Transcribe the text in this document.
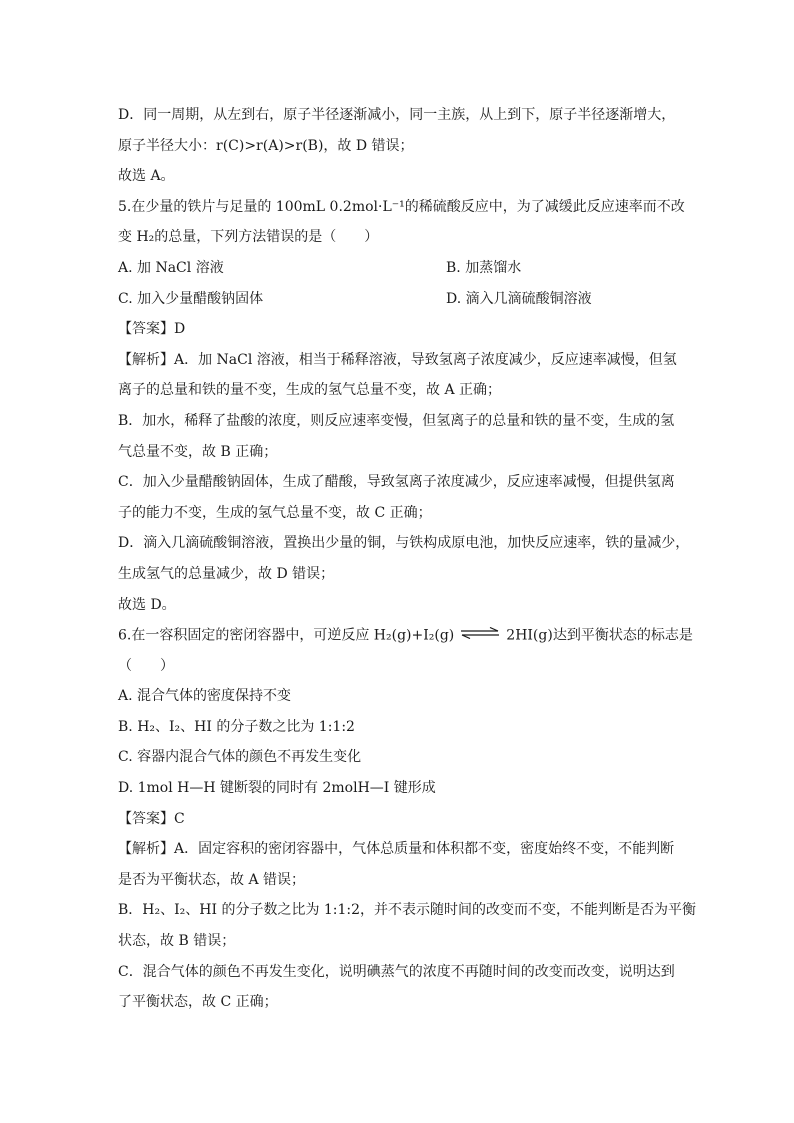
D．同一周期，从左到右，原子半径逐渐减小，同一主族，从上到下，原子半径逐渐增大，
原子半径大小：r(C)>r(A)>r(B)，故 D 错误；
故选 A。
5.在少量的铁片与足量的 100mL 0.2mol·L⁻¹的稀硫酸反应中，为了减缓此反应速率而不改
变 H₂的总量，下列方法错误的是（　　）
A. 加 NaCl 溶液	B. 加蒸馏水
C. 加入少量醋酸钠固体	D. 滴入几滴硫酸铜溶液
【答案】D
【解析】A．加 NaCl 溶液，相当于稀释溶液，导致氢离子浓度减少，反应速率减慢，但氢
离子的总量和铁的量不变，生成的氢气总量不变，故 A 正确；
B．加水，稀释了盐酸的浓度，则反应速率变慢，但氢离子的总量和铁的量不变，生成的氢
气总量不变，故 B 正确；
C．加入少量醋酸钠固体，生成了醋酸，导致氢离子浓度减少，反应速率减慢，但提供氢离
子的能力不变，生成的氢气总量不变，故 C 正确；
D．滴入几滴硫酸铜溶液，置换出少量的铜，与铁构成原电池，加快反应速率，铁的量减少，
生成氢气的总量减少，故 D 错误；
故选 D。
6.在一容积固定的密闭容器中，可逆反应 H₂(g)+I₂(g) ⇌ 2HI(g)达到平衡状态的标志是
（　　）
A. 混合气体的密度保持不变
B. H₂、I₂、HI 的分子数之比为 1:1:2
C. 容器内混合气体的颜色不再发生变化
D. 1mol H—H 键断裂的同时有 2molH—I 键形成
【答案】C
【解析】A．固定容积的密闭容器中，气体总质量和体积都不变，密度始终不变，不能判断
是否为平衡状态，故 A 错误；
B．H₂、I₂、HI 的分子数之比为 1:1:2，并不表示随时间的改变而不变，不能判断是否为平衡
状态，故 B 错误；
C．混合气体的颜色不再发生变化，说明碘蒸气的浓度不再随时间的改变而改变，说明达到
了平衡状态，故 C 正确；
